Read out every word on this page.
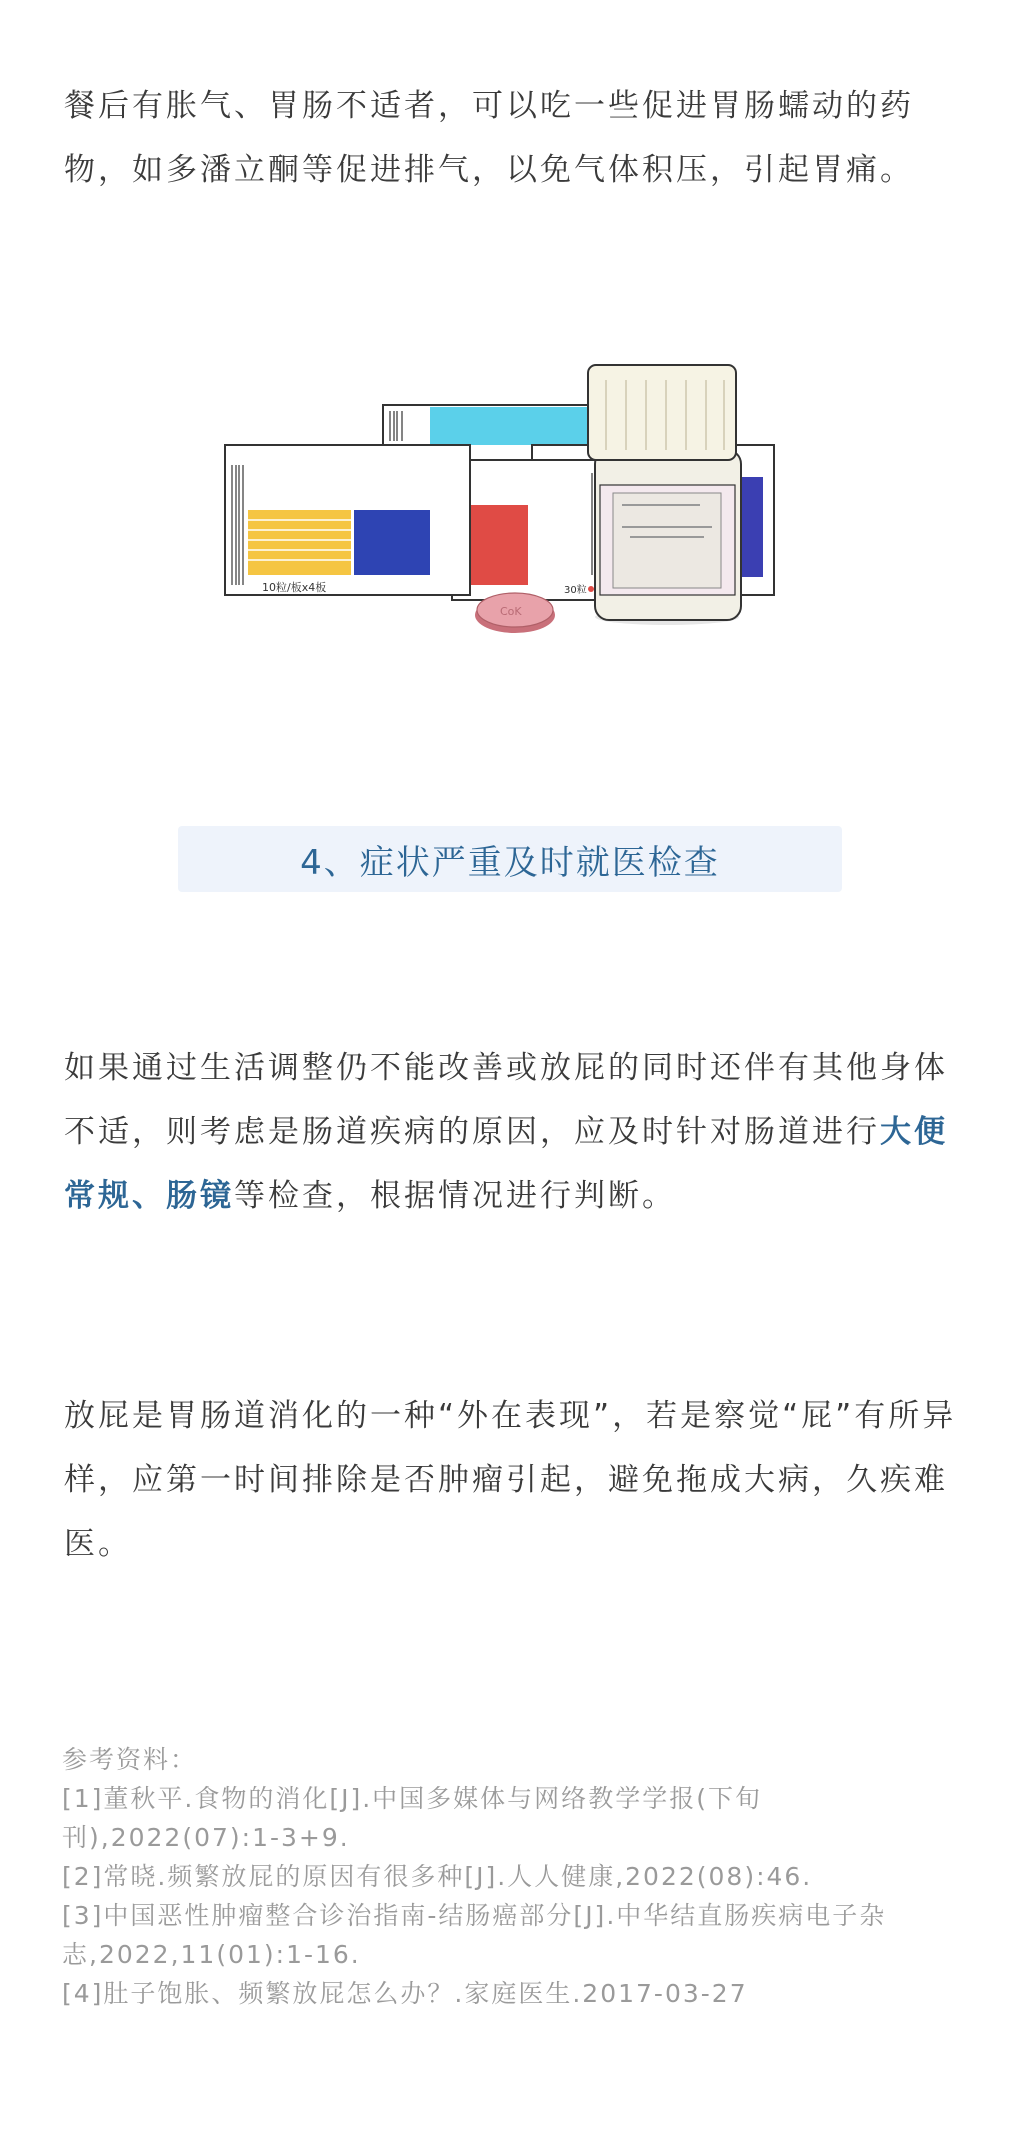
餐后有胀气、胃肠不适者，可以吃一些促进胃肠蠕动的药物，如多潘立酮等促进排气，以免气体积压，引起胃痛。

30粒
10粒/板x4板
CoK
4、症状严重及时就医检查

如果通过生活调整仍不能改善或放屁的同时还伴有其他身体不适，则考虑是肠道疾病的原因，应及时针对肠道进行大便常规、肠镜等检查，根据情况进行判断。

放屁是胃肠道消化的一种“外在表现”，若是察觉“屁”有所异样，应第一时间排除是否肿瘤引起，避免拖成大病，久疾难医。

参考资料：
[1]董秋平.食物的消化[J].中国多媒体与网络教学学报(下旬刊),2022(07):1-3+9.
[2]常晓.频繁放屁的原因有很多种[J].人人健康,2022(08):46.
[3]中国恶性肿瘤整合诊治指南-结肠癌部分[J].中华结直肠疾病电子杂志,2022,11(01):1-16.
[4]肚子饱胀、频繁放屁怎么办？.家庭医生.2017-03-27
